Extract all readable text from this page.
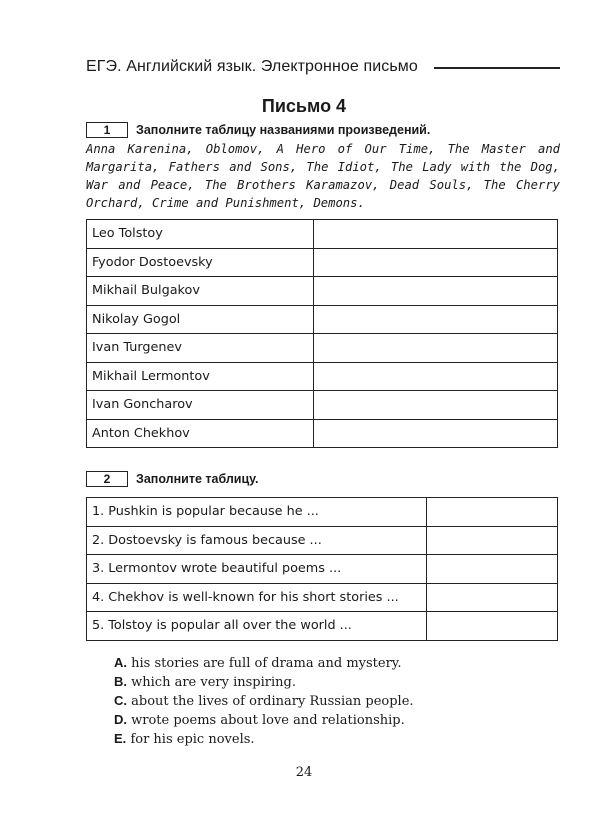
ЕГЭ. Английский язык. Электронное письмо
Письмо 4
1	Заполните таблицу названиями произведений.
Anna Karenina, Oblomov, A Hero of Our Time, The Master and Margarita, Fathers and Sons, The Idiot, The Lady with the Dog, War and Peace, The Brothers Karamazov, Dead Souls, The Cherry Orchard, Crime and Punishment, Demons.
Leo Tolstoy	
Fyodor Dostoevsky	
Mikhail Bulgakov	
Nikolay Gogol	
Ivan Turgenev	
Mikhail Lermontov	
Ivan Goncharov	
Anton Chekhov	
2	Заполните таблицу.
1. Pushkin is popular because he ...	
2. Dostoevsky is famous because ...	
3. Lermontov wrote beautiful poems ...	
4. Chekhov is well-known for his short stories ...	
5. Tolstoy is popular all over the world ...	
A. his stories are full of drama and mystery.
B. which are very inspiring.
C. about the lives of ordinary Russian people.
D. wrote poems about love and relationship.
E. for his epic novels.
24
